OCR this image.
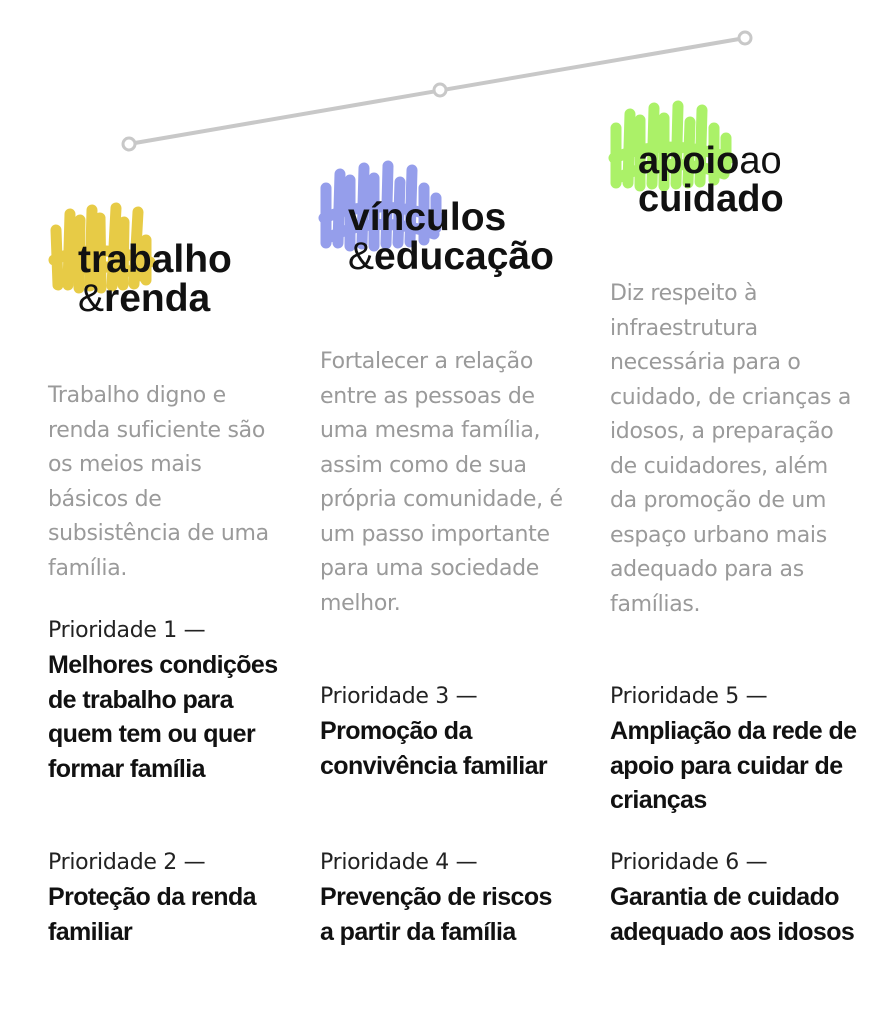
trabalho
&renda
Trabalho digno e renda suficiente são os meios mais básicos de subsistência de uma família.
Prioridade 1 —
Melhores condições de trabalho para quem tem ou quer formar família
Prioridade 2 —
Proteção da renda familiar
vínculos
&educação
Fortalecer a relação entre as pessoas de uma mesma família, assim como de sua própria comunidade, é um passo importante para uma sociedade melhor.
Prioridade 3 —
Promoção da convivência familiar
Prioridade 4 —
Prevenção de riscos a partir da família
apoioao
cuidado
Diz respeito à infraestrutura necessária para o cuidado, de crianças a idosos, a preparação de cuidadores, além da promoção de um espaço urbano mais adequado para as famílias.
Prioridade 5 —
Ampliação da rede de apoio para cuidar de crianças
Prioridade 6 —
Garantia de cuidado adequado aos idosos
